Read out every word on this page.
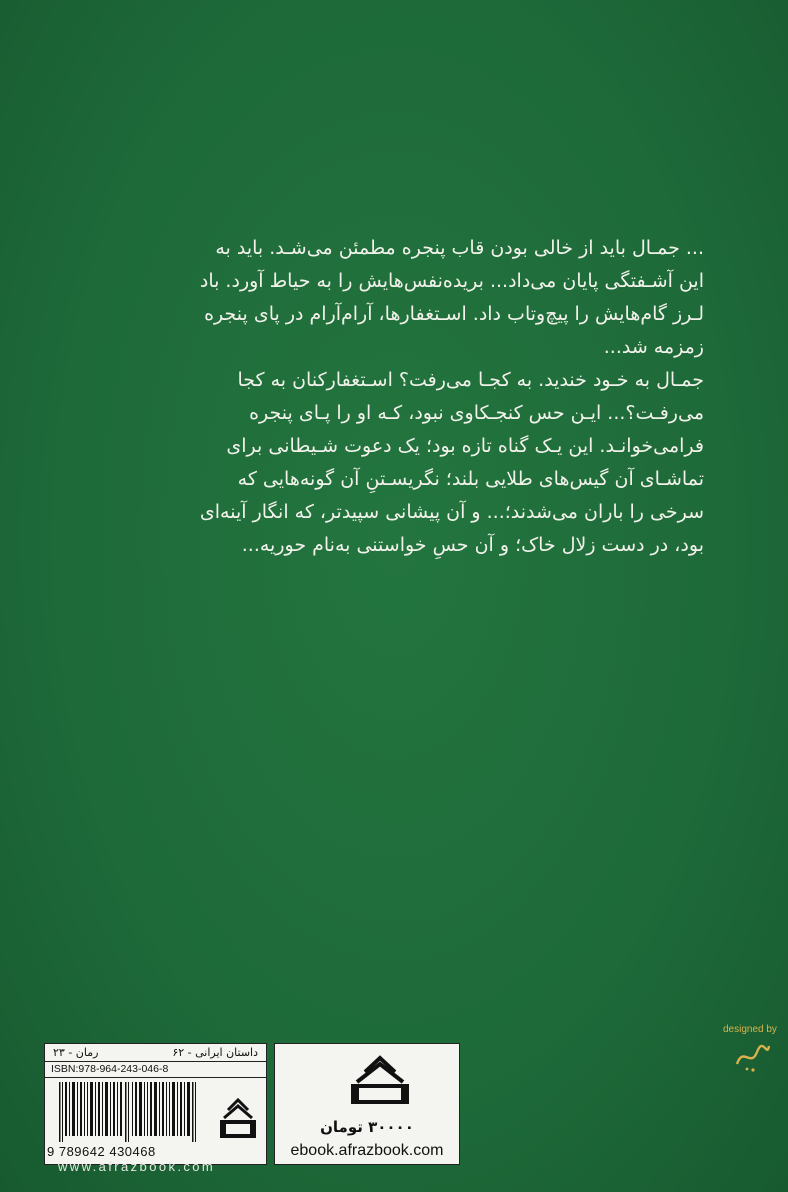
... جمـال باید از خالی بودن قاب پنجره مطمئن می‌شـد. باید به

این آشـفتگی پایان می‌داد... بریده‌نفس‌هایش را به حیاط آورد. باد

لـرز گام‌هایش را پیچ‌وتاب داد. اسـتغفارها، آرام‌آرام در پای پنجره

زمزمه شد...

جمـال به خـود خندید. به کجـا می‌رفت؟ اسـتغفارکنان به کجا

می‌رفـت؟... ایـن حس کنجـکاوی نبود، کـه او را پـای پنجره

فرامی‌خوانـد. این یـک گناه تازه بود؛ یک دعوت شـیطانی برای

تماشـای آن گیس‌های طلایی بلند؛ نگریسـتنِ آن گونه‌هایی که

سرخی را باران می‌شدند؛... و آن پیشانی سپیدتر، که انگار آینه‌ای

بود، در دست زلال خاک؛ و آن حسِ خواستنی به‌نام حوریه...

داستان ایرانی - ۶۲
رمان - ۲۳
ISBN:978-964-243-046-8
9 789642 430468
۳۰۰۰۰ تومان
ebook.afrazbook.com
www.afrazbook.com
designed by
